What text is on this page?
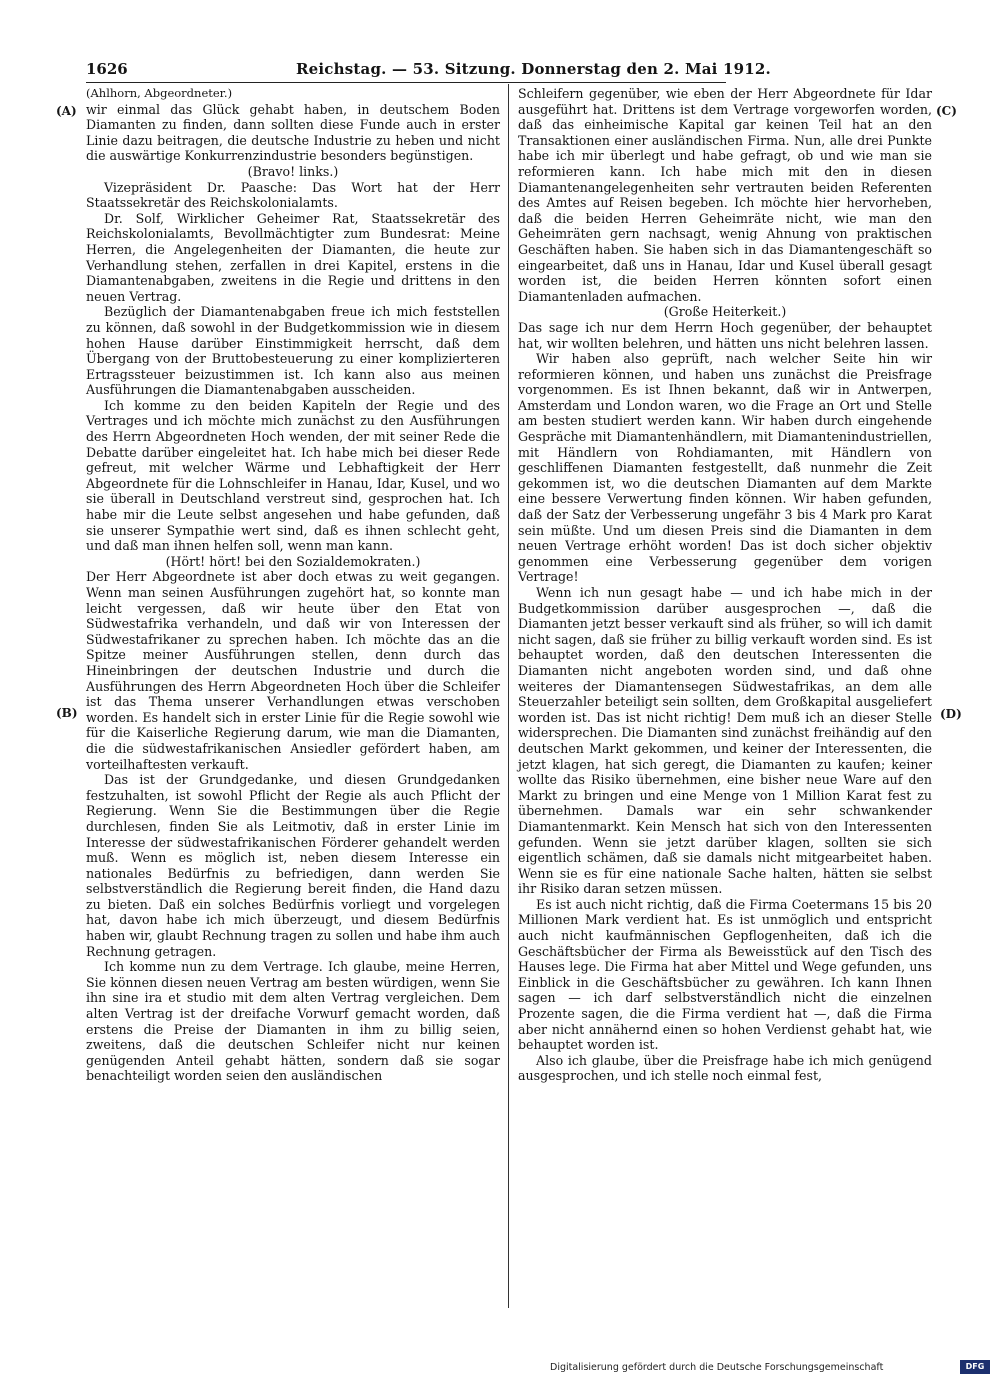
1626	Reichstag. — 53. Sitzung. Donnerstag den 2. Mai 1912.
(A)
(B)
(C)
(D)

(Ahlhorn, Abgeordneter.)

wir einmal das Glück gehabt haben, in deutschem Boden Diamanten zu finden, dann sollten diese Funde auch in erster Linie dazu beitragen, die deutsche Industrie zu heben und nicht die auswärtige Konkurrenzindustrie besonders begünstigen.

(Bravo! links.)

Vizepräsident Dr. Paasche: Das Wort hat der Herr Staatssekretär des Reichskolonialamts.

Dr. Solf, Wirklicher Geheimer Rat, Staatssekretär des Reichskolonialamts, Bevollmächtigter zum Bundesrat: Meine Herren, die Angelegenheiten der Diamanten, die heute zur Verhandlung stehen, zerfallen in drei Kapitel, erstens in die Diamantenabgaben, zweitens in die Regie und drittens in den neuen Vertrag.

Bezüglich der Diamantenabgaben freue ich mich feststellen zu können, daß sowohl in der Budgetkommission wie in diesem hohen Hause darüber Einstimmigkeit herrscht, daß dem Übergang von der Bruttobesteuerung zu einer komplizierteren Ertragssteuer beizustimmen ist. Ich kann also aus meinen Ausführungen die Diamantenabgaben ausscheiden.

Ich komme zu den beiden Kapiteln der Regie und des Vertrages und ich möchte mich zunächst zu den Ausführungen des Herrn Abgeordneten Hoch wenden, der mit seiner Rede die Debatte darüber eingeleitet hat. Ich habe mich bei dieser Rede gefreut, mit welcher Wärme und Lebhaftigkeit der Herr Abgeordnete für die Lohnschleifer in Hanau, Idar, Kusel, und wo sie überall in Deutschland verstreut sind, gesprochen hat. Ich habe mir die Leute selbst angesehen und habe gefunden, daß sie unserer Sympathie wert sind, daß es ihnen schlecht geht, und daß man ihnen helfen soll, wenn man kann.

(Hört! hört! bei den Sozialdemokraten.)

Der Herr Abgeordnete ist aber doch etwas zu weit gegangen. Wenn man seinen Ausführungen zugehört hat, so konnte man leicht vergessen, daß wir heute über den Etat von Südwestafrika verhandeln, und daß wir von Interessen der Südwestafrikaner zu sprechen haben. Ich möchte das an die Spitze meiner Ausführungen stellen, denn durch das Hineinbringen der deutschen Industrie und durch die Ausführungen des Herrn Abgeordneten Hoch über die Schleifer ist das Thema unserer Verhandlungen etwas verschoben worden. Es handelt sich in erster Linie für die Regie sowohl wie für die Kaiserliche Regierung darum, wie man die Diamanten, die die südwestafrikanischen Ansiedler gefördert haben, am vorteilhaftesten verkauft.

Das ist der Grundgedanke, und diesen Grundgedanken festzuhalten, ist sowohl Pflicht der Regie als auch Pflicht der Regierung. Wenn Sie die Bestimmungen über die Regie durchlesen, finden Sie als Leitmotiv, daß in erster Linie im Interesse der südwestafrikanischen Förderer gehandelt werden muß. Wenn es möglich ist, neben diesem Interesse ein nationales Bedürfnis zu befriedigen, dann werden Sie selbstverständlich die Regierung bereit finden, die Hand dazu zu bieten. Daß ein solches Bedürfnis vorliegt und vorgelegen hat, davon habe ich mich überzeugt, und diesem Bedürfnis haben wir, glaubt Rechnung tragen zu sollen und habe ihm auch Rechnung getragen.

Ich komme nun zu dem Vertrage. Ich glaube, meine Herren, Sie können diesen neuen Vertrag am besten würdigen, wenn Sie ihn sine ira et studio mit dem alten Vertrag vergleichen. Dem alten Vertrag ist der dreifache Vorwurf gemacht worden, daß erstens die Preise der Diamanten in ihm zu billig seien, zweitens, daß die deutschen Schleifer nicht nur keinen genügenden Anteil gehabt hätten, sondern daß sie sogar benachteiligt worden seien den ausländischen

Schleifern gegenüber, wie eben der Herr Abgeordnete für Idar ausgeführt hat. Drittens ist dem Vertrage vorgeworfen worden, daß das einheimische Kapital gar keinen Teil hat an den Transaktionen einer ausländischen Firma. Nun, alle drei Punkte habe ich mir überlegt und habe gefragt, ob und wie man sie reformieren kann. Ich habe mich mit den in diesen Diamantenangelegenheiten sehr vertrauten beiden Referenten des Amtes auf Reisen begeben. Ich möchte hier hervorheben, daß die beiden Herren Geheimräte nicht, wie man den Geheimräten gern nachsagt, wenig Ahnung von praktischen Geschäften haben. Sie haben sich in das Diamantengeschäft so eingearbeitet, daß uns in Hanau, Idar und Kusel überall gesagt worden ist, die beiden Herren könnten sofort einen Diamantenladen aufmachen.

(Große Heiterkeit.)

Das sage ich nur dem Herrn Hoch gegenüber, der behauptet hat, wir wollten belehren, und hätten uns nicht belehren lassen.

Wir haben also geprüft, nach welcher Seite hin wir reformieren können, und haben uns zunächst die Preisfrage vorgenommen. Es ist Ihnen bekannt, daß wir in Antwerpen, Amsterdam und London waren, wo die Frage an Ort und Stelle am besten studiert werden kann. Wir haben durch eingehende Gespräche mit Diamantenhändlern, mit Diamantenindustriellen, mit Händlern von Rohdiamanten, mit Händlern von geschliffenen Diamanten festgestellt, daß nunmehr die Zeit gekommen ist, wo die deutschen Diamanten auf dem Markte eine bessere Verwertung finden können. Wir haben gefunden, daß der Satz der Verbesserung ungefähr 3 bis 4 Mark pro Karat sein müßte. Und um diesen Preis sind die Diamanten in dem neuen Vertrage erhöht worden! Das ist doch sicher objektiv genommen eine Verbesserung gegenüber dem vorigen Vertrage!

Wenn ich nun gesagt habe — und ich habe mich in der Budgetkommission darüber ausgesprochen —, daß die Diamanten jetzt besser verkauft sind als früher, so will ich damit nicht sagen, daß sie früher zu billig verkauft worden sind. Es ist behauptet worden, daß den deutschen Interessenten die Diamanten nicht angeboten worden sind, und daß ohne weiteres der Diamantensegen Südwestafrikas, an dem alle Steuerzahler beteiligt sein sollten, dem Großkapital ausgeliefert worden ist. Das ist nicht richtig! Dem muß ich an dieser Stelle widersprechen. Die Diamanten sind zunächst freihändig auf den deutschen Markt gekommen, und keiner der Interessenten, die jetzt klagen, hat sich geregt, die Diamanten zu kaufen; keiner wollte das Risiko übernehmen, eine bisher neue Ware auf den Markt zu bringen und eine Menge von 1 Million Karat fest zu übernehmen. Damals war ein sehr schwankender Diamantenmarkt. Kein Mensch hat sich von den Interessenten gefunden. Wenn sie jetzt darüber klagen, sollten sie sich eigentlich schämen, daß sie damals nicht mitgearbeitet haben. Wenn sie es für eine nationale Sache halten, hätten sie selbst ihr Risiko daran setzen müssen.

Es ist auch nicht richtig, daß die Firma Coetermans 15 bis 20 Millionen Mark verdient hat. Es ist unmöglich und entspricht auch nicht kaufmännischen Gepflogenheiten, daß ich die Geschäftsbücher der Firma als Beweisstück auf den Tisch des Hauses lege. Die Firma hat aber Mittel und Wege gefunden, uns Einblick in die Geschäftsbücher zu gewähren. Ich kann Ihnen sagen — ich darf selbstverständlich nicht die einzelnen Prozente sagen, die die Firma verdient hat —, daß die Firma aber nicht annähernd einen so hohen Verdienst gehabt hat, wie behauptet worden ist.

Also ich glaube, über die Preisfrage habe ich mich genügend ausgesprochen, und ich stelle noch einmal fest,

Digitalisierung gefördert durch die Deutsche Forschungsgemeinschaft	DFG
